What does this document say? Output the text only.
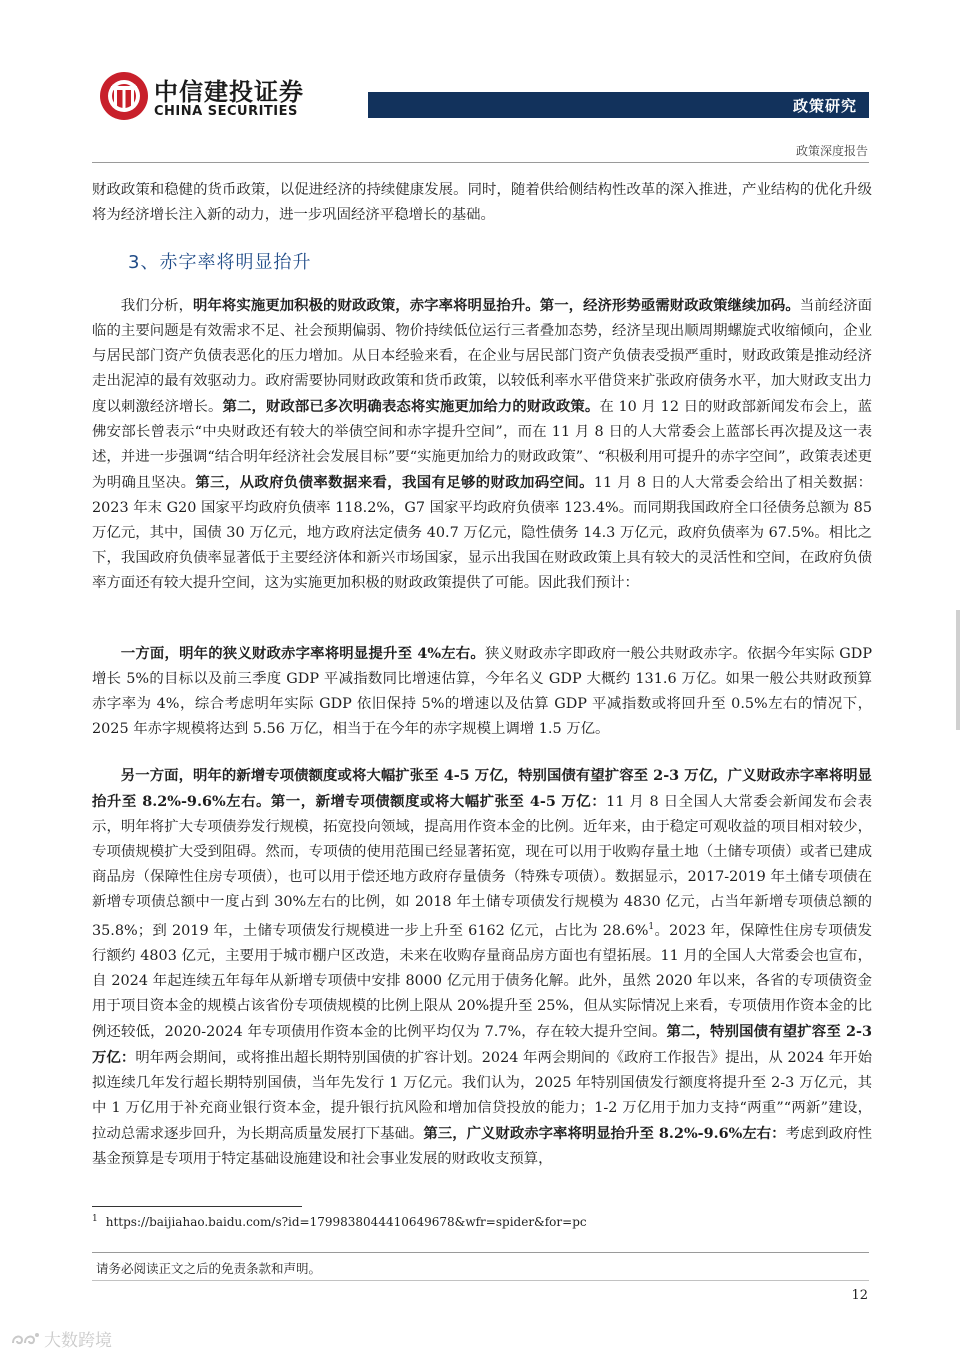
中信建投证券
CHINA SECURITIES	政策研究
政策深度报告

财政政策和稳健的货币政策，以促进经济的持续健康发展。同时，随着供给侧结构性改革的深入推进，产业结构的优化升级将为经济增长注入新的动力，进一步巩固经济平稳增长的基础。

3、赤字率将明显抬升

我们分析，明年将实施更加积极的财政政策，赤字率将明显抬升。第一，经济形势亟需财政政策继续加码。当前经济面临的主要问题是有效需求不足、社会预期偏弱、物价持续低位运行三者叠加态势，经济呈现出顺周期螺旋式收缩倾向，企业与居民部门资产负债表恶化的压力增加。从日本经验来看，在企业与居民部门资产负债表受损严重时，财政政策是推动经济走出泥淖的最有效驱动力。政府需要协同财政政策和货币政策，以较低利率水平借贷来扩张政府债务水平，加大财政支出力度以刺激经济增长。第二，财政部已多次明确表态将实施更加给力的财政政策。在 10 月 12 日的财政部新闻发布会上，蓝佛安部长曾表示“中央财政还有较大的举债空间和赤字提升空间”，而在 11 月 8 日的人大常委会上蓝部长再次提及这一表述，并进一步强调“结合明年经济社会发展目标”要“实施更加给力的财政政策”、“积极利用可提升的赤字空间”，政策表述更为明确且坚决。第三，从政府负债率数据来看，我国有足够的财政加码空间。11 月 8 日的人大常委会给出了相关数据：2023 年末 G20 国家平均政府负债率 118.2%，G7 国家平均政府负债率 123.4%。而同期我国政府全口径债务总额为 85 万亿元，其中，国债 30 万亿元，地方政府法定债务 40.7 万亿元，隐性债务 14.3 万亿元，政府负债率为 67.5%。相比之下，我国政府负债率显著低于主要经济体和新兴市场国家，显示出我国在财政政策上具有较大的灵活性和空间，在政府负债率方面还有较大提升空间，这为实施更加积极的财政政策提供了可能。因此我们预计：

一方面，明年的狭义财政赤字率将明显提升至 4%左右。狭义财政赤字即政府一般公共财政赤字。依据今年实际 GDP 增长 5%的目标以及前三季度 GDP 平减指数同比增速估算，今年名义 GDP 大概约 131.6 万亿。如果一般公共财政预算赤字率为 4%，综合考虑明年实际 GDP 依旧保持 5%的增速以及估算 GDP 平减指数或将回升至 0.5%左右的情况下，2025 年赤字规模将达到 5.56 万亿，相当于在今年的赤字规模上调增 1.5 万亿。

另一方面，明年的新增专项债额度或将大幅扩张至 4-5 万亿，特别国债有望扩容至 2-3 万亿，广义财政赤字率将明显抬升至 8.2%-9.6%左右。第一，新增专项债额度或将大幅扩张至 4-5 万亿：11 月 8 日全国人大常委会新闻发布会表示，明年将扩大专项债券发行规模，拓宽投向领域，提高用作资本金的比例。近年来，由于稳定可观收益的项目相对较少，专项债规模扩大受到阻碍。然而，专项债的使用范围已经显著拓宽，现在可以用于收购存量土地（土储专项债）或者已建成商品房（保障性住房专项债），也可以用于偿还地方政府存量债务（特殊专项债）。数据显示，2017-2019 年土储专项债在新增专项债总额中一度占到 30%左右的比例，如 2018 年土储专项债发行规模为 4830 亿元，占当年新增专项债总额的 35.8%；到 2019 年，土储专项债发行规模进一步上升至 6162 亿元，占比为 28.6%$^1$。2023 年，保障性住房专项债发行额约 4803 亿元，主要用于城市棚户区改造，未来在收购存量商品房方面也有望拓展。11 月的全国人大常委会也宣布，自 2024 年起连续五年每年从新增专项债中安排 8000 亿元用于债务化解。此外，虽然 2020 年以来，各省的专项债资金用于项目资本金的规模占该省份专项债规模的比例上限从 20%提升至 25%，但从实际情况上来看，专项债用作资本金的比例还较低，2020-2024 年专项债用作资本金的比例平均仅为 7.7%，存在较大提升空间。第二，特别国债有望扩容至 2-3 万亿：明年两会期间，或将推出超长期特别国债的扩容计划。2024 年两会期间的《政府工作报告》提出，从 2024 年开始拟连续几年发行超长期特别国债，当年先发行 1 万亿元。我们认为，2025 年特别国债发行额度将提升至 2-3 万亿元，其中 1 万亿用于补充商业银行资本金，提升银行抗风险和增加信贷投放的能力；1-2 万亿用于加力支持“两重”“两新”建设，拉动总需求逐步回升，为长期高质量发展打下基础。第三，广义财政赤字率将明显抬升至 8.2%-9.6%左右：考虑到政府性基金预算是专项用于特定基础设施建设和社会事业发展的财政收支预算，

$^1$ https://baijiahao.baidu.com/s?id=1799838044410649678&wfr=spider&for=pc
请务必阅读正文之后的免责条款和声明。
12
大数跨境
